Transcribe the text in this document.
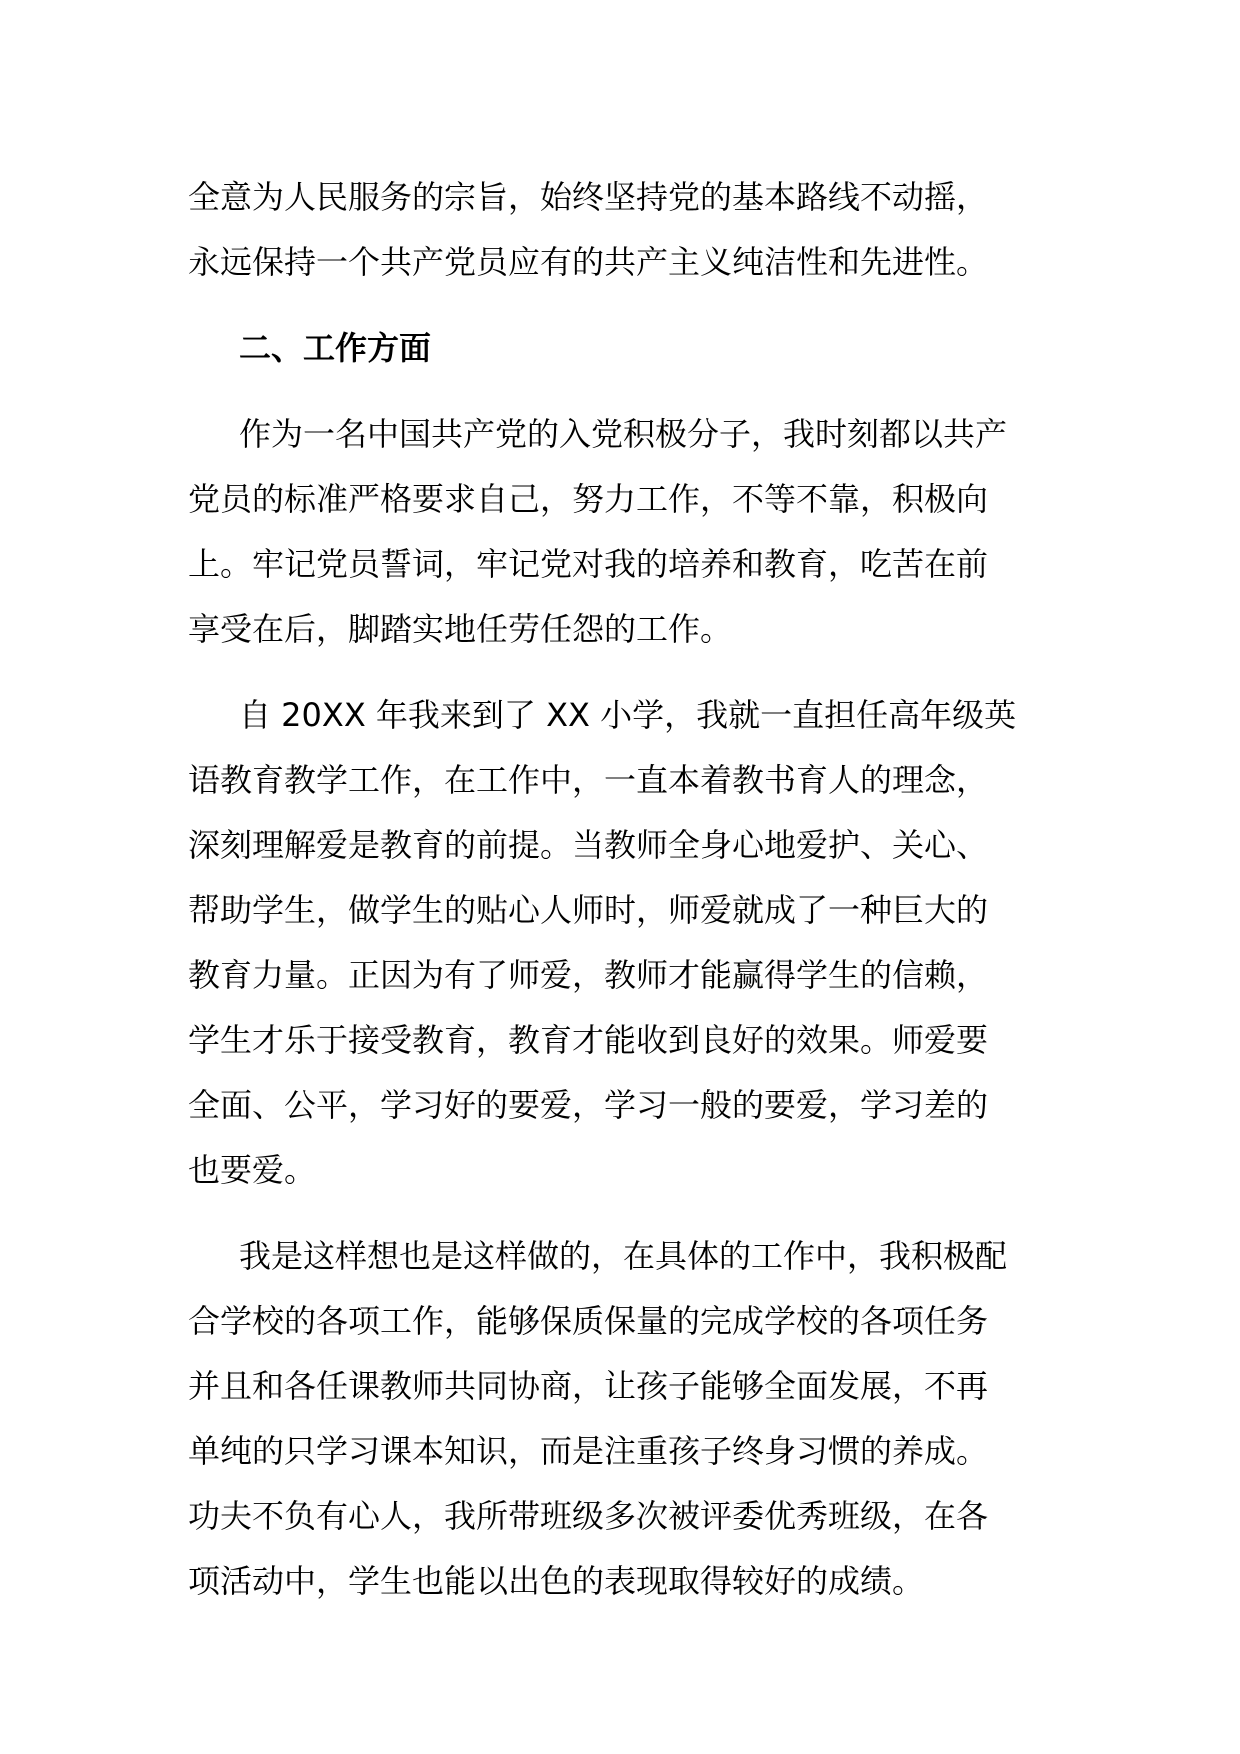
全意为人民服务的宗旨，始终坚持党的基本路线不动摇，

永远保持一个共产党员应有的共产主义纯洁性和先进性。

二、工作方面

作为一名中国共产党的入党积极分子，我时刻都以共产

党员的标准严格要求自己，努力工作，不等不靠，积极向

上。牢记党员誓词，牢记党对我的培养和教育，吃苦在前

享受在后，脚踏实地任劳任怨的工作。

自 20XX 年我来到了 XX 小学，我就一直担任高年级英

语教育教学工作，在工作中，一直本着教书育人的理念，

深刻理解爱是教育的前提。当教师全身心地爱护、关心、

帮助学生，做学生的贴心人师时，师爱就成了一种巨大的

教育力量。正因为有了师爱，教师才能赢得学生的信赖，

学生才乐于接受教育，教育才能收到良好的效果。师爱要

全面、公平，学习好的要爱，学习一般的要爱，学习差的

也要爱。

我是这样想也是这样做的，在具体的工作中，我积极配

合学校的各项工作，能够保质保量的完成学校的各项任务

并且和各任课教师共同协商，让孩子能够全面发展，不再

单纯的只学习课本知识，而是注重孩子终身习惯的养成。

功夫不负有心人，我所带班级多次被评委优秀班级，在各

项活动中，学生也能以出色的表现取得较好的成绩。
